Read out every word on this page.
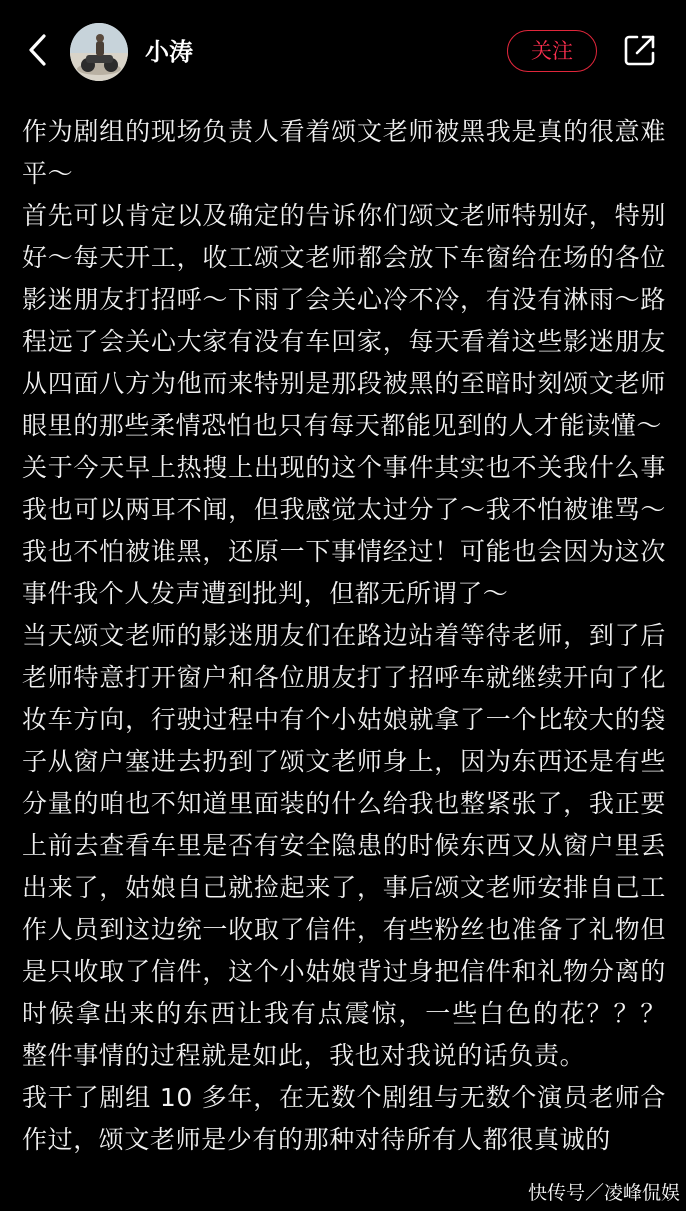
小涛	关注

作为剧组的现场负责人看着颂文老师被黑我是真的很意难平～

首先可以肯定以及确定的告诉你们颂文老师特别好，特别好～每天开工，收工颂文老师都会放下车窗给在场的各位影迷朋友打招呼～下雨了会关心冷不冷，有没有淋雨～路程远了会关心大家有没有车回家，每天看着这些影迷朋友从四面八方为他而来特别是那段被黑的至暗时刻颂文老师眼里的那些柔情恐怕也只有每天都能见到的人才能读懂～

关于今天早上热搜上出现的这个事件其实也不关我什么事我也可以两耳不闻，但我感觉太过分了～我不怕被谁骂～我也不怕被谁黑，还原一下事情经过！可能也会因为这次事件我个人发声遭到批判，但都无所谓了～

当天颂文老师的影迷朋友们在路边站着等待老师，到了后老师特意打开窗户和各位朋友打了招呼车就继续开向了化妆车方向，行驶过程中有个小姑娘就拿了一个比较大的袋子从窗户塞进去扔到了颂文老师身上，因为东西还是有些分量的咱也不知道里面装的什么给我也整紧张了，我正要上前去查看车里是否有安全隐患的时候东西又从窗户里丢出来了，姑娘自己就捡起来了，事后颂文老师安排自己工作人员到这边统一收取了信件，有些粉丝也准备了礼物但是只收取了信件，这个小姑娘背过身把信件和礼物分离的时候拿出来的东西让我有点震惊，一些白色的花？？？ 整件事情的过程就是如此，我也对我说的话负责。

我干了剧组 10 多年，在无数个剧组与无数个演员老师合作过，颂文老师是少有的那种对待所有人都很真诚的

快传号／凌峰侃娱
